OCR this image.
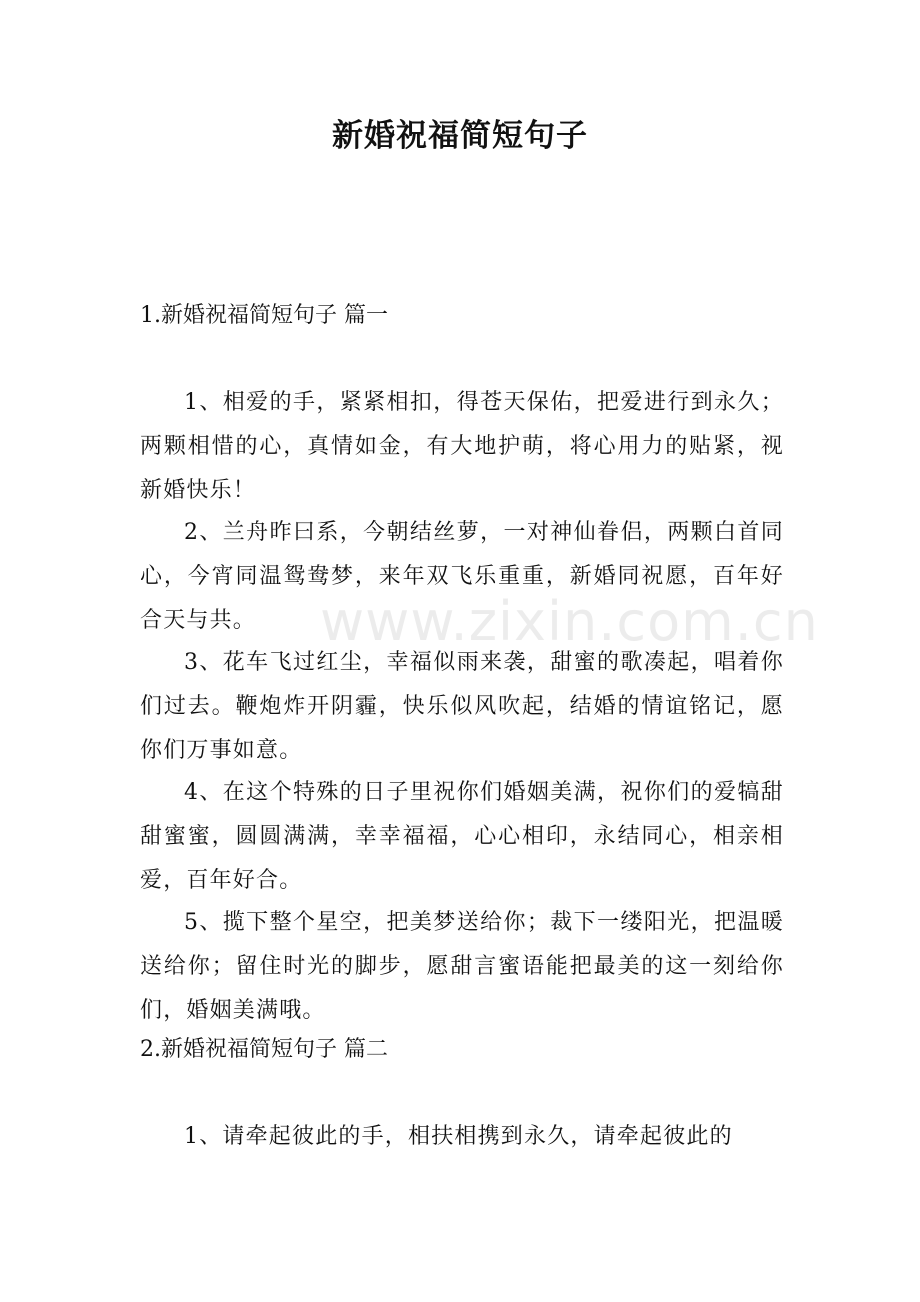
www.zixin.com.cn
新婚祝福简短句子
1.新婚祝福简短句子 篇一
1、相爱的手，紧紧相扣，得苍天保佑，把爱进行到永久；两颗相惜的心，真情如金，有大地护萌，将心用力的贴紧，视新婚快乐！
2、兰舟昨曰系，今朝结丝萝，一对神仙眷侣，两颗白首同心，今宵同温鸳鸯梦，来年双飞乐重重，新婚同祝愿，百年好合天与共。
3、花车飞过红尘，幸福似雨来袭，甜蜜的歌凑起，唱着你们过去。鞭炮炸开阴霾，快乐似风吹起，结婚的情谊铭记，愿你们万事如意。
4、在这个特殊的日子里祝你们婚姻美满，祝你们的爱犒甜甜蜜蜜，圆圆满满，幸幸福福，心心相印，永结同心，相亲相爱，百年好合。
5、揽下整个星空，把美梦送给你；裁下一缕阳光，把温暖送给你；留住时光的脚步，愿甜言蜜语能把最美的这一刻给你们，婚姻美满哦。
2.新婚祝福简短句子 篇二
1、请牵起彼此的手，相扶相携到永久，请牵起彼此的
